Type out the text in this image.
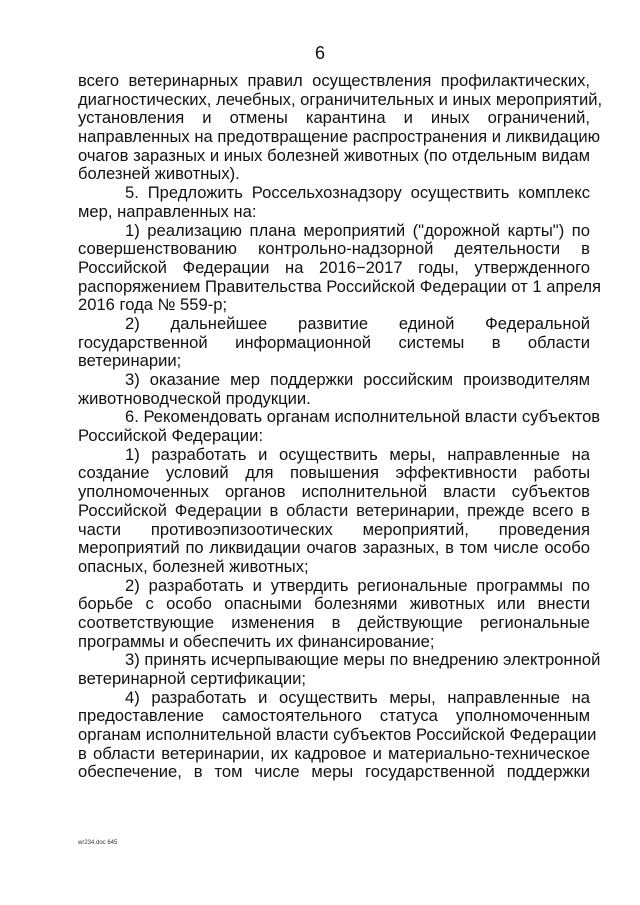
6
всего ветеринарных правил осуществления профилактических,
диагностических, лечебных, ограничительных и иных мероприятий,
установления и отмены карантина и иных ограничений,
направленных на предотвращение распространения и ликвидацию
очагов заразных и иных болезней животных (по отдельным видам
болезней животных).
5. Предложить Россельхознадзору осуществить комплекс
мер, направленных на:
1) реализацию плана мероприятий ("дорожной карты") по
совершенствованию контрольно-надзорной деятельности в
Российской Федерации на 2016−2017 годы, утвержденного
распоряжением Правительства Российской Федерации от 1 апреля
2016 года № 559-р;
2) дальнейшее развитие единой Федеральной
государственной информационной системы в области
ветеринарии;
3) оказание мер поддержки российским производителям
животноводческой продукции.
6. Рекомендовать органам исполнительной власти субъектов
Российской Федерации:
1) разработать и осуществить меры, направленные на
создание условий для повышения эффективности работы
уполномоченных органов исполнительной власти субъектов
Российской Федерации в области ветеринарии, прежде всего в
части противоэпизоотических мероприятий, проведения
мероприятий по ликвидации очагов заразных, в том числе особо
опасных, болезней животных;
2) разработать и утвердить региональные программы по
борьбе с особо опасными болезнями животных или внести
соответствующие изменения в действующие региональные
программы и обеспечить их финансирование;
3) принять исчерпывающие меры по внедрению электронной
ветеринарной сертификации;
4) разработать и осуществить меры, направленные на
предоставление самостоятельного статуса уполномоченным
органам исполнительной власти субъектов Российской Федерации
в области ветеринарии, их кадровое и материально-техническое
обеспечение, в том числе меры государственной поддержки
wr234.doc 645
